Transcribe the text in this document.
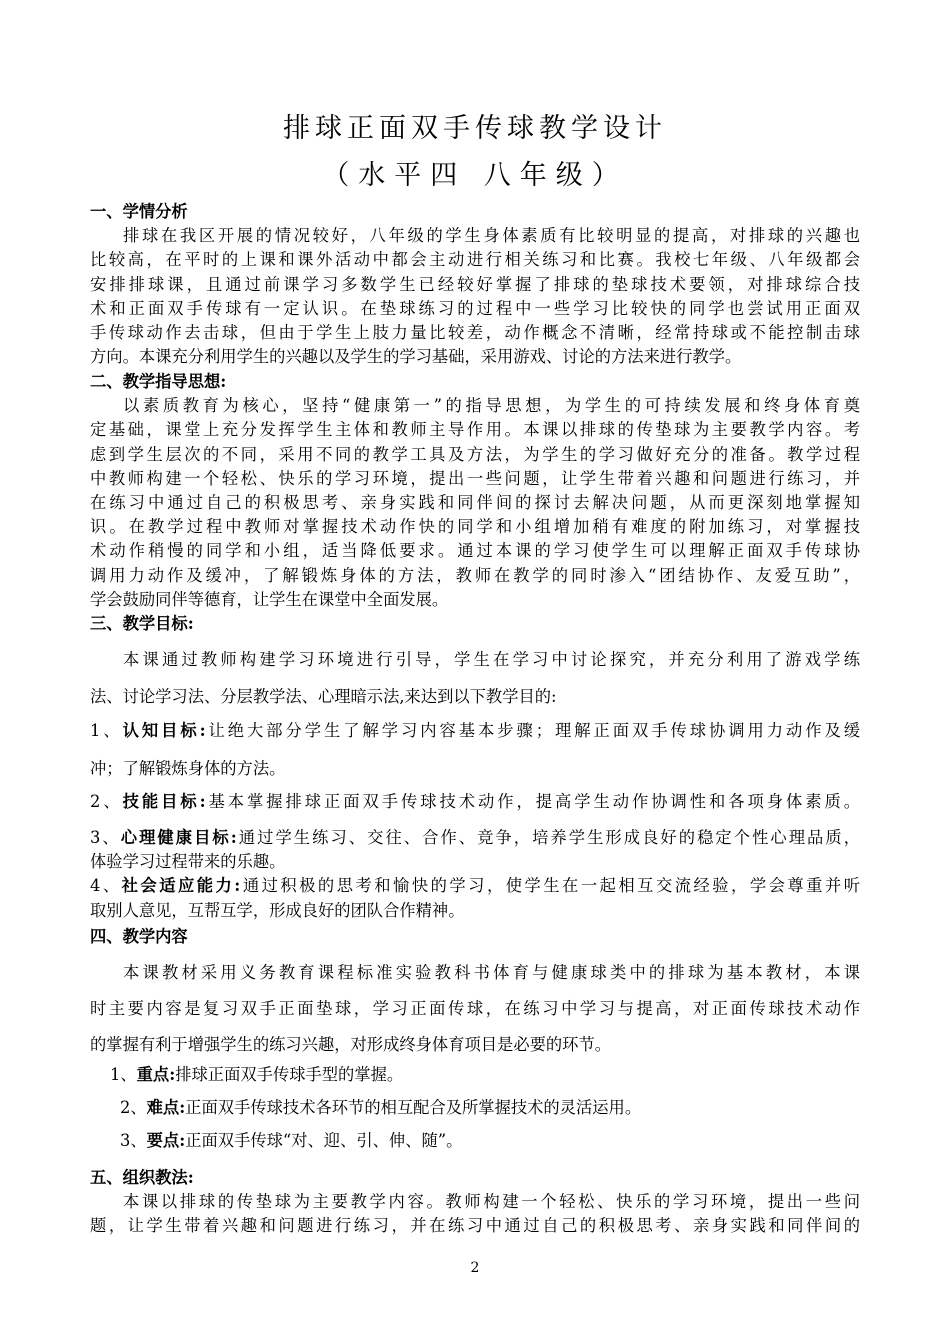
排球正面双手传球教学设计
（水平四 八年级）
一、学情分析
排球在我区开展的情况较好，八年级的学生身体素质有比较明显的提高，对排球的兴趣也
比较高，在平时的上课和课外活动中都会主动进行相关练习和比赛。我校七年级、八年级都会
安排排球课，且通过前课学习多数学生已经较好掌握了排球的垫球技术要领，对排球综合技
术和正面双手传球有一定认识。在垫球练习的过程中一些学习比较快的同学也尝试用正面双
手传球动作去击球，但由于学生上肢力量比较差，动作概念不清晰，经常持球或不能控制击球
方向。本课充分利用学生的兴趣以及学生的学习基础，采用游戏、讨论的方法来进行教学。
二、教学指导思想:
以素质教育为核心，坚持“健康第一”的指导思想，为学生的可持续发展和终身体育奠
定基础，课堂上充分发挥学生主体和教师主导作用。本课以排球的传垫球为主要教学内容。考
虑到学生层次的不同，采用不同的教学工具及方法，为学生的学习做好充分的准备。教学过程
中教师构建一个轻松、快乐的学习环境，提出一些问题，让学生带着兴趣和问题进行练习，并
在练习中通过自己的积极思考、亲身实践和同伴间的探讨去解决问题，从而更深刻地掌握知
识。在教学过程中教师对掌握技术动作快的同学和小组增加稍有难度的附加练习，对掌握技
术动作稍慢的同学和小组，适当降低要求。通过本课的学习使学生可以理解正面双手传球协
调用力动作及缓冲，了解锻炼身体的方法，教师在教学的同时渗入“团结协作、友爱互助”，
学会鼓励同伴等德育，让学生在课堂中全面发展。
三、教学目标:
本课通过教师构建学习环境进行引导，学生在学习中讨论探究，并充分利用了游戏学练
法、讨论学习法、分层教学法、心理暗示法,来达到以下教学目的:
1、认知目标:让绝大部分学生了解学习内容基本步骤；理解正面双手传球协调用力动作及缓
冲；了解锻炼身体的方法。
2、技能目标:基本掌握排球正面双手传球技术动作，提高学生动作协调性和各项身体素质。
3、心理健康目标:通过学生练习、交往、合作、竞争，培养学生形成良好的稳定个性心理品质，
体验学习过程带来的乐趣。
4、社会适应能力:通过积极的思考和愉快的学习，使学生在一起相互交流经验，学会尊重并听
取别人意见，互帮互学，形成良好的团队合作精神。
四、教学内容
本课教材采用义务教育课程标准实验教科书体育与健康球类中的排球为基本教材，本课
时主要内容是复习双手正面垫球，学习正面传球，在练习中学习与提高，对正面传球技术动作
的掌握有利于增强学生的练习兴趣，对形成终身体育项目是必要的环节。
1、重点:排球正面双手传球手型的掌握。
2、难点:正面双手传球技术各环节的相互配合及所掌握技术的灵活运用。
3、要点:正面双手传球“对、迎、引、伸、随”。
五、组织教法:
本课以排球的传垫球为主要教学内容。教师构建一个轻松、快乐的学习环境，提出一些问
题，让学生带着兴趣和问题进行练习，并在练习中通过自己的积极思考、亲身实践和同伴间的
2
